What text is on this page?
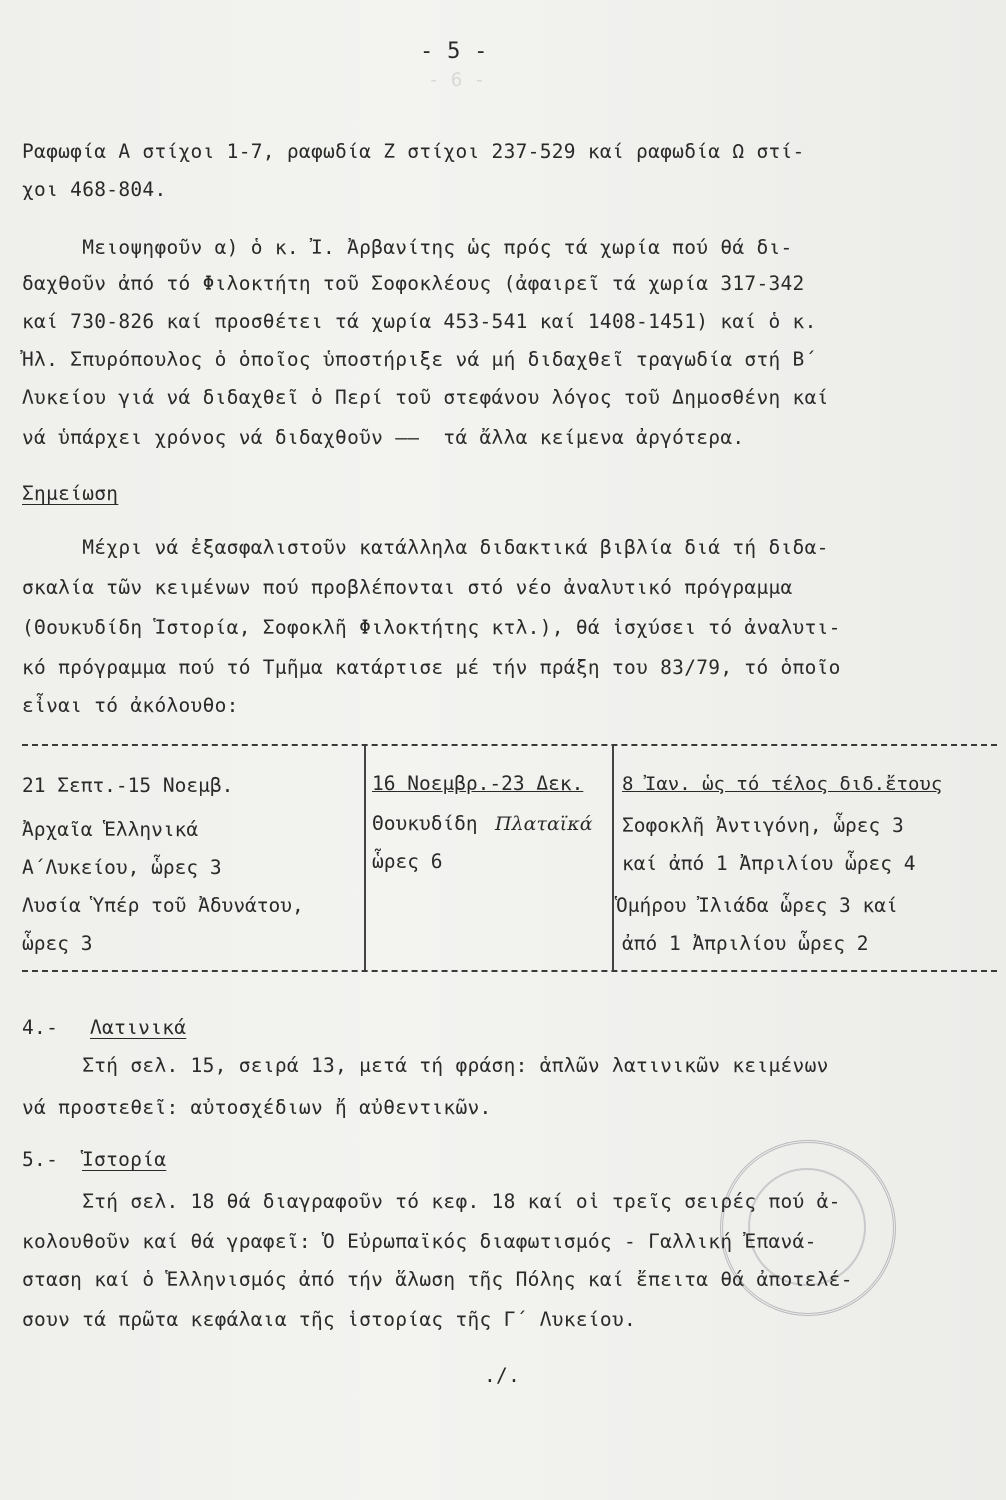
- 6 -
- 5 -
Ραφωφία Α στίχοι 1-7, ραφωδία Ζ στίχοι 237-529 καί ραφωδία Ω στί-
χοι 468-804.
Μειοψηφοῦν α) ὁ κ. Ἰ. Ἀρβανίτης ὡς πρός τά χωρία πού θά δι-
δαχθοῦν ἀπό τό Φιλοκτήτη τοῦ Σοφοκλέους (ἀφαιρεῖ τά χωρία 317-342
καί 730-826 καί προσθέτει τά χωρία 453-541 καί 1408-1451) καί ὁ κ.
Ἠλ. Σπυρόπουλος ὁ ὁποῖος ὑποστήριξε νά μή διδαχθεῖ τραγωδία στή Β΄
Λυκείου γιά νά διδαχθεῖ ὁ Περί τοῦ στεφάνου λόγος τοῦ Δημοσθένη καί
νά ὑπάρχει χρόνος νά διδαχθοῦν ——  τά ἄλλα κείμενα ἀργότερα.
Σημείωση
Μέχρι νά ἐξασφαλιστοῦν κατάλληλα διδακτικά βιβλία διά τή διδα-
σκαλία τῶν κειμένων πού προβλέπονται στό νέο ἀναλυτικό πρόγραμμα
(Θουκυδίδη Ἱστορία, Σοφοκλῆ Φιλοκτήτης κτλ.), θά ἰσχύσει τό ἀναλυτι-
κό πρόγραμμα πού τό Τμῆμα κατάρτισε μέ τήν πράξη του 83/79, τό ὁποῖο
εἶναι τό ἀκόλουθο:
21 Σεπτ.-15 Νοεμβ.
Ἀρχαῖα Ἑλληνικά
Α΄Λυκείου, ὧρες 3
Λυσία Ὑπέρ τοῦ Ἀδυνάτου,
ὧρες 3
16 Νοεμβρ.-23 Δεκ.
Θουκυδίδη Πλαταϊκά
ὧρες 6
8 Ἰαν. ὡς τό τέλος διδ.ἔτους
Σοφοκλῆ Ἀντιγόνη, ὧρες 3
καί ἀπό 1 Ἀπριλίου ὧρες 4
Ὁμήρου Ἰλιάδα ὧρες 3 καί
ἀπό 1 Ἀπριλίου ὧρες 2
4.- Λατινικά
Στή σελ. 15, σειρά 13, μετά τή φράση: ἁπλῶν λατινικῶν κειμένων
νά προστεθεῖ: αὐτοσχέδιων ἤ αὐθεντικῶν.
5.- Ἱστορία
Στή σελ. 18 θά διαγραφοῦν τό κεφ. 18 καί οἱ τρεῖς σειρές πού ἀ-
κολουθοῦν καί θά γραφεῖ: Ὁ Εὐρωπαϊκός διαφωτισμός - Γαλλική Ἐπανά-
σταση καί ὁ Ἑλληνισμός ἀπό τήν ἅλωση τῆς Πόλης καί ἔπειτα θά ἀποτελέ-
σουν τά πρῶτα κεφάλαια τῆς ἱστορίας τῆς Γ΄ Λυκείου.
./.
